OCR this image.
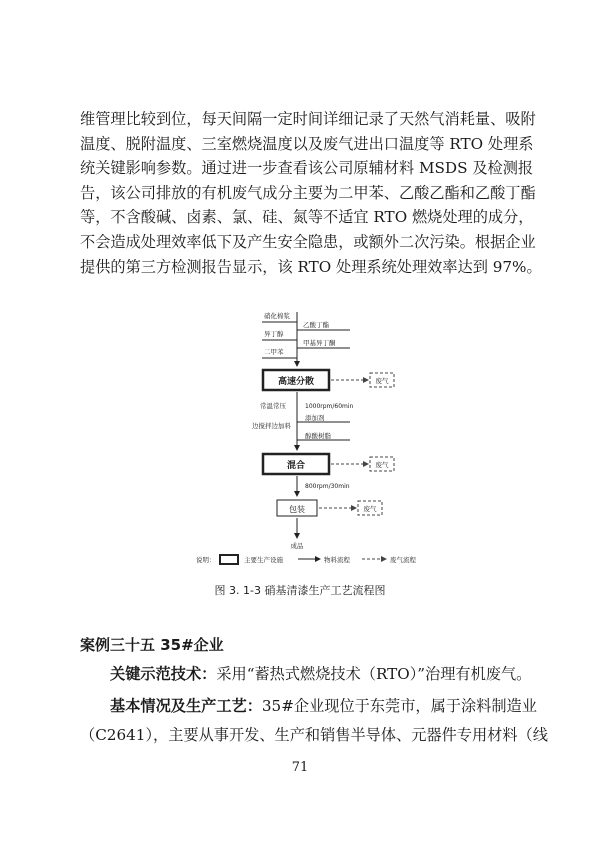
维管理比较到位，每天间隔一定时间详细记录了天然气消耗量、吸附
温度、脱附温度、三室燃烧温度以及废气进出口温度等 RTO 处理系
统关键影响参数。通过进一步查看该公司原辅材料 MSDS 及检测报
告，该公司排放的有机废气成分主要为二甲苯、乙酸乙酯和乙酸丁酯
等，不含酸碱、卤素、氯、硅、氮等不适宜 RTO 燃烧处理的成分，
不会造成处理效率低下及产生安全隐患，或额外二次污染。根据企业
提供的第三方检测报告显示，该 RTO 处理系统处理效率达到 97%。
硝化棉浆
异丁醇
二甲苯
乙酸丁酯
甲基异丁酮
高速分散
常温常压	1000rpm/60min
添加剂
边搅拌边加料
醇酸树脂
混合
800rpm/30min
包装
成品
废气
废气
废气
说明：	主要生产设施	物料流程	废气流程
图 3. 1-3 硝基清漆生产工艺流程图
案例三十五 35#企业
关键示范技术：采用“蓄热式燃烧技术（RTO）”治理有机废气。
基本情况及生产工艺：35#企业现位于东莞市，属于涂料制造业
（C2641），主要从事开发、生产和销售半导体、元器件专用材料（线
71
